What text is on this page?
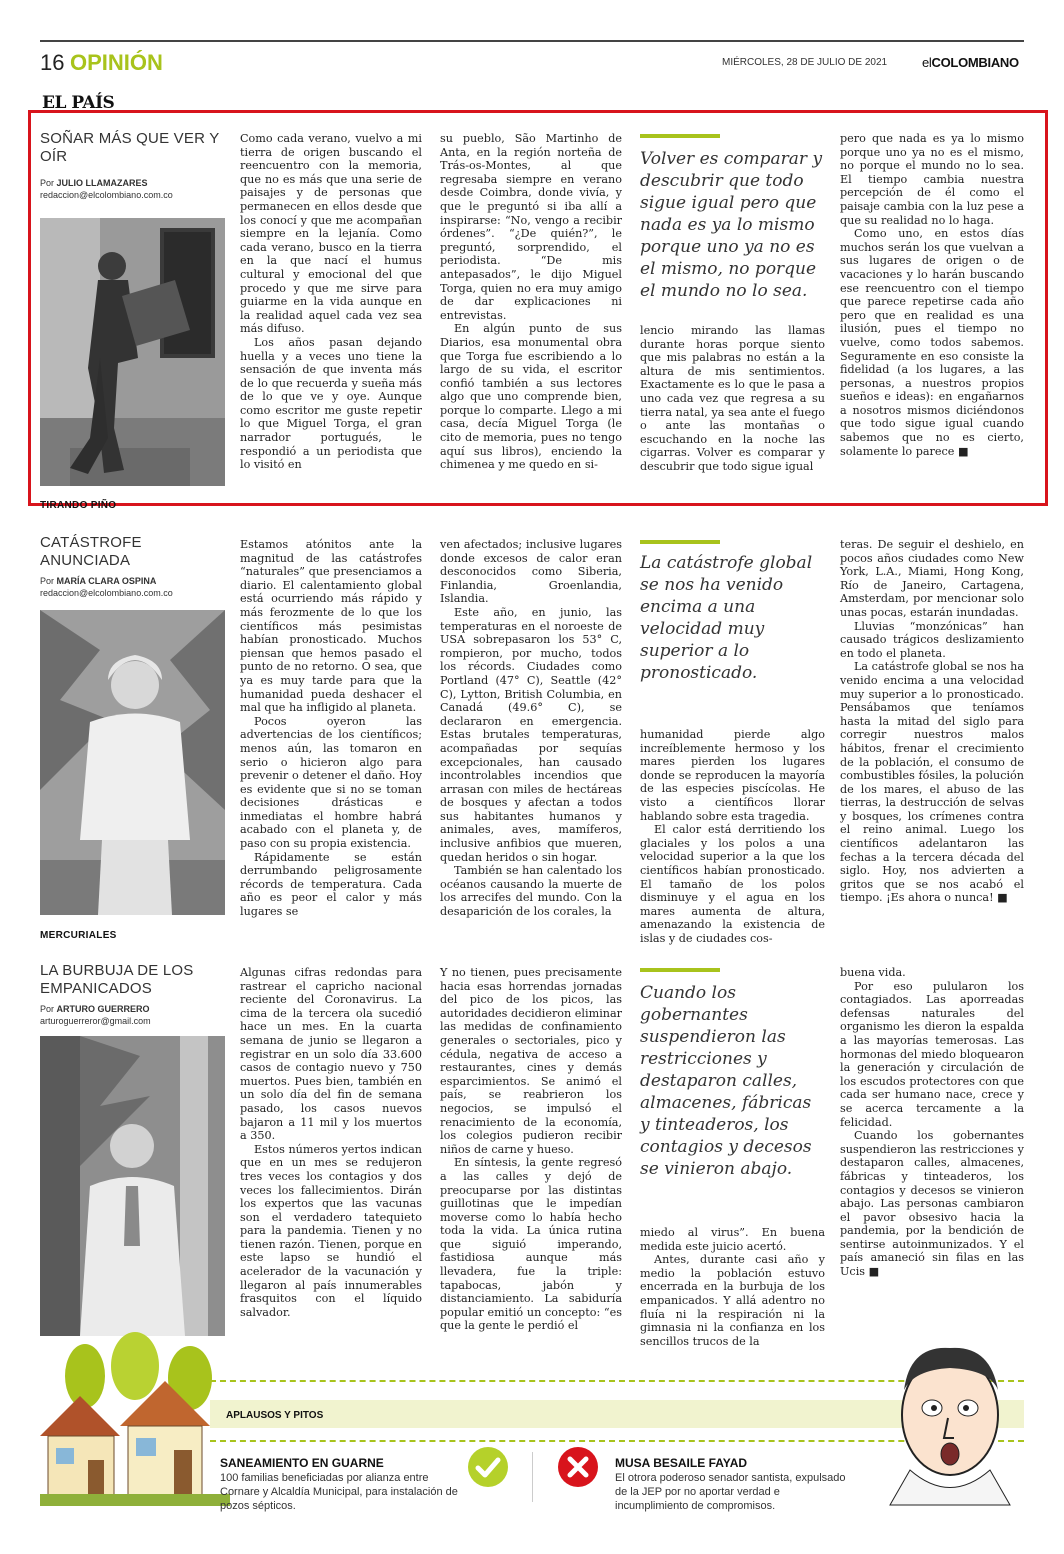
16 OPINIÓN	MIÉRCOLES, 28 DE JULIO DE 2021	elCOLOMBIANO
EL PAÍS
SOÑAR MÁS QUE VER Y OÍR
Por JULIO LLAMAZARES
redaccion@elcolombiano.com.co

Como cada verano, vuelvo a mi tierra de origen buscando el reencuentro con la memoria, que no es más que una serie de paisajes y de personas que permanecen en ellos desde que los conocí y que me acompañan siempre en la lejanía. Como cada verano, busco en la tierra en la que nací el humus cultural y emocional del que procedo y que me sirve para guiarme en la vida aunque en la realidad aquel cada vez sea más difuso.

Los años pasan dejando huella y a veces uno tiene la sensación de que inventa más de lo que recuerda y sueña más de lo que ve y oye. Aunque como escritor me guste repetir lo que Miguel Torga, el gran narrador portugués, le respondió a un periodista que lo visitó en

su pueblo, São Martinho de Anta, en la región norteña de Trás-os-Montes, al que regresaba siempre en verano desde Coimbra, donde vivía, y que le preguntó si iba allí a inspirarse: “No, vengo a recibir órdenes”. “¿De quién?”, le preguntó, sorprendido, el periodista. “De mis antepasados”, le dijo Miguel Torga, quien no era muy amigo de dar explicaciones ni entrevistas.

En algún punto de sus Diarios, esa monumental obra que Torga fue escribiendo a lo largo de su vida, el escritor confió también a sus lectores algo que uno comprende bien, porque lo comparte. Llego a mi casa, decía Miguel Torga (le cito de memoria, pues no tengo aquí sus libros), enciendo la chimenea y me quedo en si-

Volver es comparar y descubrir que todo sigue igual pero que nada es ya lo mismo porque uno ya no es el mismo, no porque el mundo no lo sea.

lencio mirando las llamas durante horas porque siento que mis palabras no están a la altura de mis sentimientos. Exactamente es lo que le pasa a uno cada vez que regresa a su tierra natal, ya sea ante el fuego o ante las montañas o escuchando en la noche las cigarras. Volver es comparar y descubrir que todo sigue igual

pero que nada es ya lo mismo porque uno ya no es el mismo, no porque el mundo no lo sea. El tiempo cambia nuestra percepción de él como el paisaje cambia con la luz pese a que su realidad no lo haga.

Como uno, en estos días muchos serán los que vuelvan a sus lugares de origen o de vacaciones y lo harán buscando ese reencuentro con el tiempo que parece repetirse cada año pero que en realidad es una ilusión, pues el tiempo no vuelve, como todos sabemos. Seguramente en eso consiste la fidelidad (a los lugares, a las personas, a nuestros propios sueños e ideas): en engañarnos a nosotros mismos diciéndonos que todo sigue igual cuando sabemos que no es cierto, solamente lo parece ■

TIRANDO PIÑO
CATÁSTROFE ANUNCIADA
Por MARÍA CLARA OSPINA
redaccion@elcolombiano.com.co

Estamos atónitos ante la magnitud de las catástrofes “naturales” que presenciamos a diario. El calentamiento global está ocurriendo más rápido y más ferozmente de lo que los científicos más pesimistas habían pronosticado. Muchos piensan que hemos pasado el punto de no retorno. O sea, que ya es muy tarde para que la humanidad pueda deshacer el mal que ha infligido al planeta.

Pocos oyeron las advertencias de los científicos; menos aún, las tomaron en serio o hicieron algo para prevenir o detener el daño. Hoy es evidente que si no se toman decisiones drásticas e inmediatas el hombre habrá acabado con el planeta y, de paso con su propia existencia.

Rápidamente se están derrumbando peligrosamente récords de temperatura. Cada año es peor el calor y más lugares se

ven afectados; inclusive lugares donde excesos de calor eran desconocidos como Siberia, Finlandia, Groenlandia, Islandia.

Este año, en junio, las temperaturas en el noroeste de USA sobrepasaron los 53° C, rompieron, por mucho, todos los récords. Ciudades como Portland (47° C), Seattle (42° C), Lytton, British Columbia, en Canadá (49.6° C), se declararon en emergencia. Estas brutales temperaturas, acompañadas por sequías excepcionales, han causado incontrolables incendios que arrasan con miles de hectáreas de bosques y afectan a todos sus habitantes humanos y animales, aves, mamíferos, inclusive anfibios que mueren, quedan heridos o sin hogar.

También se han calentado los océanos causando la muerte de los arrecifes del mundo. Con la desaparición de los corales, la

La catástrofe global se nos ha venido encima a una velocidad muy superior a lo pronosticado.

humanidad pierde algo increíblemente hermoso y los mares pierden los lugares donde se reproducen la mayoría de las especies piscícolas. He visto a científicos llorar hablando sobre esta tragedia.

El calor está derritiendo los glaciales y los polos a una velocidad superior a la que los científicos habían pronosticado. El tamaño de los polos disminuye y el agua en los mares aumenta de altura, amenazando la existencia de islas y de ciudades cos-

teras. De seguir el deshielo, en pocos años ciudades como New York, L.A., Miami, Hong Kong, Río de Janeiro, Cartagena, Amsterdam, por mencionar solo unas pocas, estarán inundadas.

Lluvias “monzónicas” han causado trágicos deslizamiento en todo el planeta.

La catástrofe global se nos ha venido encima a una velocidad muy superior a lo pronosticado. Pensábamos que teníamos hasta la mitad del siglo para corregir nuestros malos hábitos, frenar el crecimiento de la población, el consumo de combustibles fósiles, la polución de los mares, el abuso de las tierras, la destrucción de selvas y bosques, los crímenes contra el reino animal. Luego los científicos adelantaron las fechas a la tercera década del siglo. Hoy, nos advierten a gritos que se nos acabó el tiempo. ¡Es ahora o nunca! ■

MERCURIALES
LA BURBUJA DE LOS EMPANICADOS
Por ARTURO GUERRERO
arturoguerreror@gmail.com

Algunas cifras redondas para rastrear el capricho nacional reciente del Coronavirus. La cima de la tercera ola sucedió hace un mes. En la cuarta semana de junio se llegaron a registrar en un solo día 33.600 casos de contagio nuevo y 750 muertos. Pues bien, también en un solo día del fin de semana pasado, los casos nuevos bajaron a 11 mil y los muertos a 350.

Estos números yertos indican que en un mes se redujeron tres veces los contagios y dos veces los fallecimientos. Dirán los expertos que las vacunas son el verdadero tatequieto para la pandemia. Tienen y no tienen razón. Tienen, porque en este lapso se hundió el acelerador de la vacunación y llegaron al país innumerables frasquitos con el líquido salvador.

Y no tienen, pues precisamente hacia esas horrendas jornadas del pico de los picos, las autoridades decidieron eliminar las medidas de confinamiento generales o sectoriales, pico y cédula, negativa de acceso a restaurantes, cines y demás esparcimientos. Se animó el país, se reabrieron los negocios, se impulsó el renacimiento de la economía, los colegios pudieron recibir niños de carne y hueso.

En síntesis, la gente regresó a las calles y dejó de preocuparse por las distintas guillotinas que le impedían moverse como lo había hecho toda la vida. La única rutina que siguió imperando, fastidiosa aunque más llevadera, fue la triple: tapabocas, jabón y distanciamiento. La sabiduría popular emitió un concepto: “es que la gente le perdió el

Cuando los gobernantes suspendieron las restricciones y destaparon calles, almacenes, fábricas y tinteaderos, los contagios y decesos se vinieron abajo.

miedo al virus”. En buena medida este juicio acertó.

Antes, durante casi año y medio la población estuvo encerrada en la burbuja de los empanicados. Y allá adentro no fluía ni la respiración ni la gimnasia ni la confianza en los sencillos trucos de la

buena vida.

Por eso pulularon los contagiados. Las aporreadas defensas naturales del organismo les dieron la espalda a las mayorías temerosas. Las hormonas del miedo bloquearon la generación y circulación de los escudos protectores con que cada ser humano nace, crece y se acerca tercamente a la felicidad.

Cuando los gobernantes suspendieron las restricciones y destaparon calles, almacenes, fábricas y tinteaderos, los contagios y decesos se vinieron abajo. Las personas cambiaron el pavor obsesivo hacia la pandemia, por la bendición de sentirse autoinmunizados. Y el país amaneció sin filas en las Ucis ■

APLAUSOS Y PITOS
SANEAMIENTO EN GUARNE
100 familias beneficiadas por alianza entre Cornare y Alcaldía Municipal, para instalación de pozos sépticos.
MUSA BESAILE FAYAD
El otrora poderoso senador santista, expulsado de la JEP por no aportar verdad e incumplimiento de compromisos.
